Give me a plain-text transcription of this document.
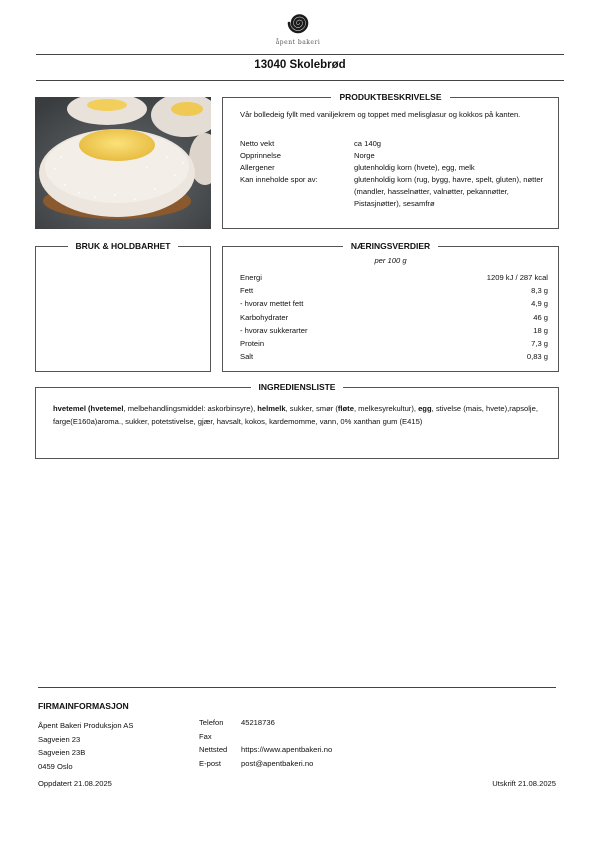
åpent bakeri
13040 Skolebrød
PRODUKTBESKRIVELSE
Vår bolledeig fyllt med vaniljekrem og toppet med melisglasur og kokkos på kanten.
Netto vekt	ca 140g
Opprinnelse	Norge
Allergener	glutenholdig korn (hvete), egg, melk
Kan inneholde spor av:	glutenholdig korn (rug, bygg, havre, spelt, gluten), nøtter (mandler, hasselnøtter, valnøtter, pekannøtter, Pistasjnøtter), sesamfrø
BRUK & HOLDBARHET	NÆRINGSVERDIER
per 100 g
Energi	1209 kJ / 287 kcal
Fett	8,3 g
- hvorav mettet fett	4,9 g
Karbohydrater	46 g
- hvorav sukkerarter	18 g
Protein	7,3 g
Salt	0,83 g
INGREDIENSLISTE
hvetemel (hvetemel, melbehandlingsmiddel: askorbinsyre), helmelk, sukker, smør (fløte, melkesyrekultur), egg, stivelse (mais, hvete),rapsolje, farge(E160a)aroma., sukker, potetstivelse, gjær, havsalt, kokos, kardemomme, vann, 0% xanthan gum (E415)
FIRMAINFORMASJON
Åpent Bakeri Produksjon AS
Sagveien 23
Sagveien 23B
0459 Oslo
Telefon	45218736
Fax	
Nettsted	https://www.apentbakeri.no
E-post	post@apentbakeri.no
Oppdatert 21.08.2025	Utskrift 21.08.2025
